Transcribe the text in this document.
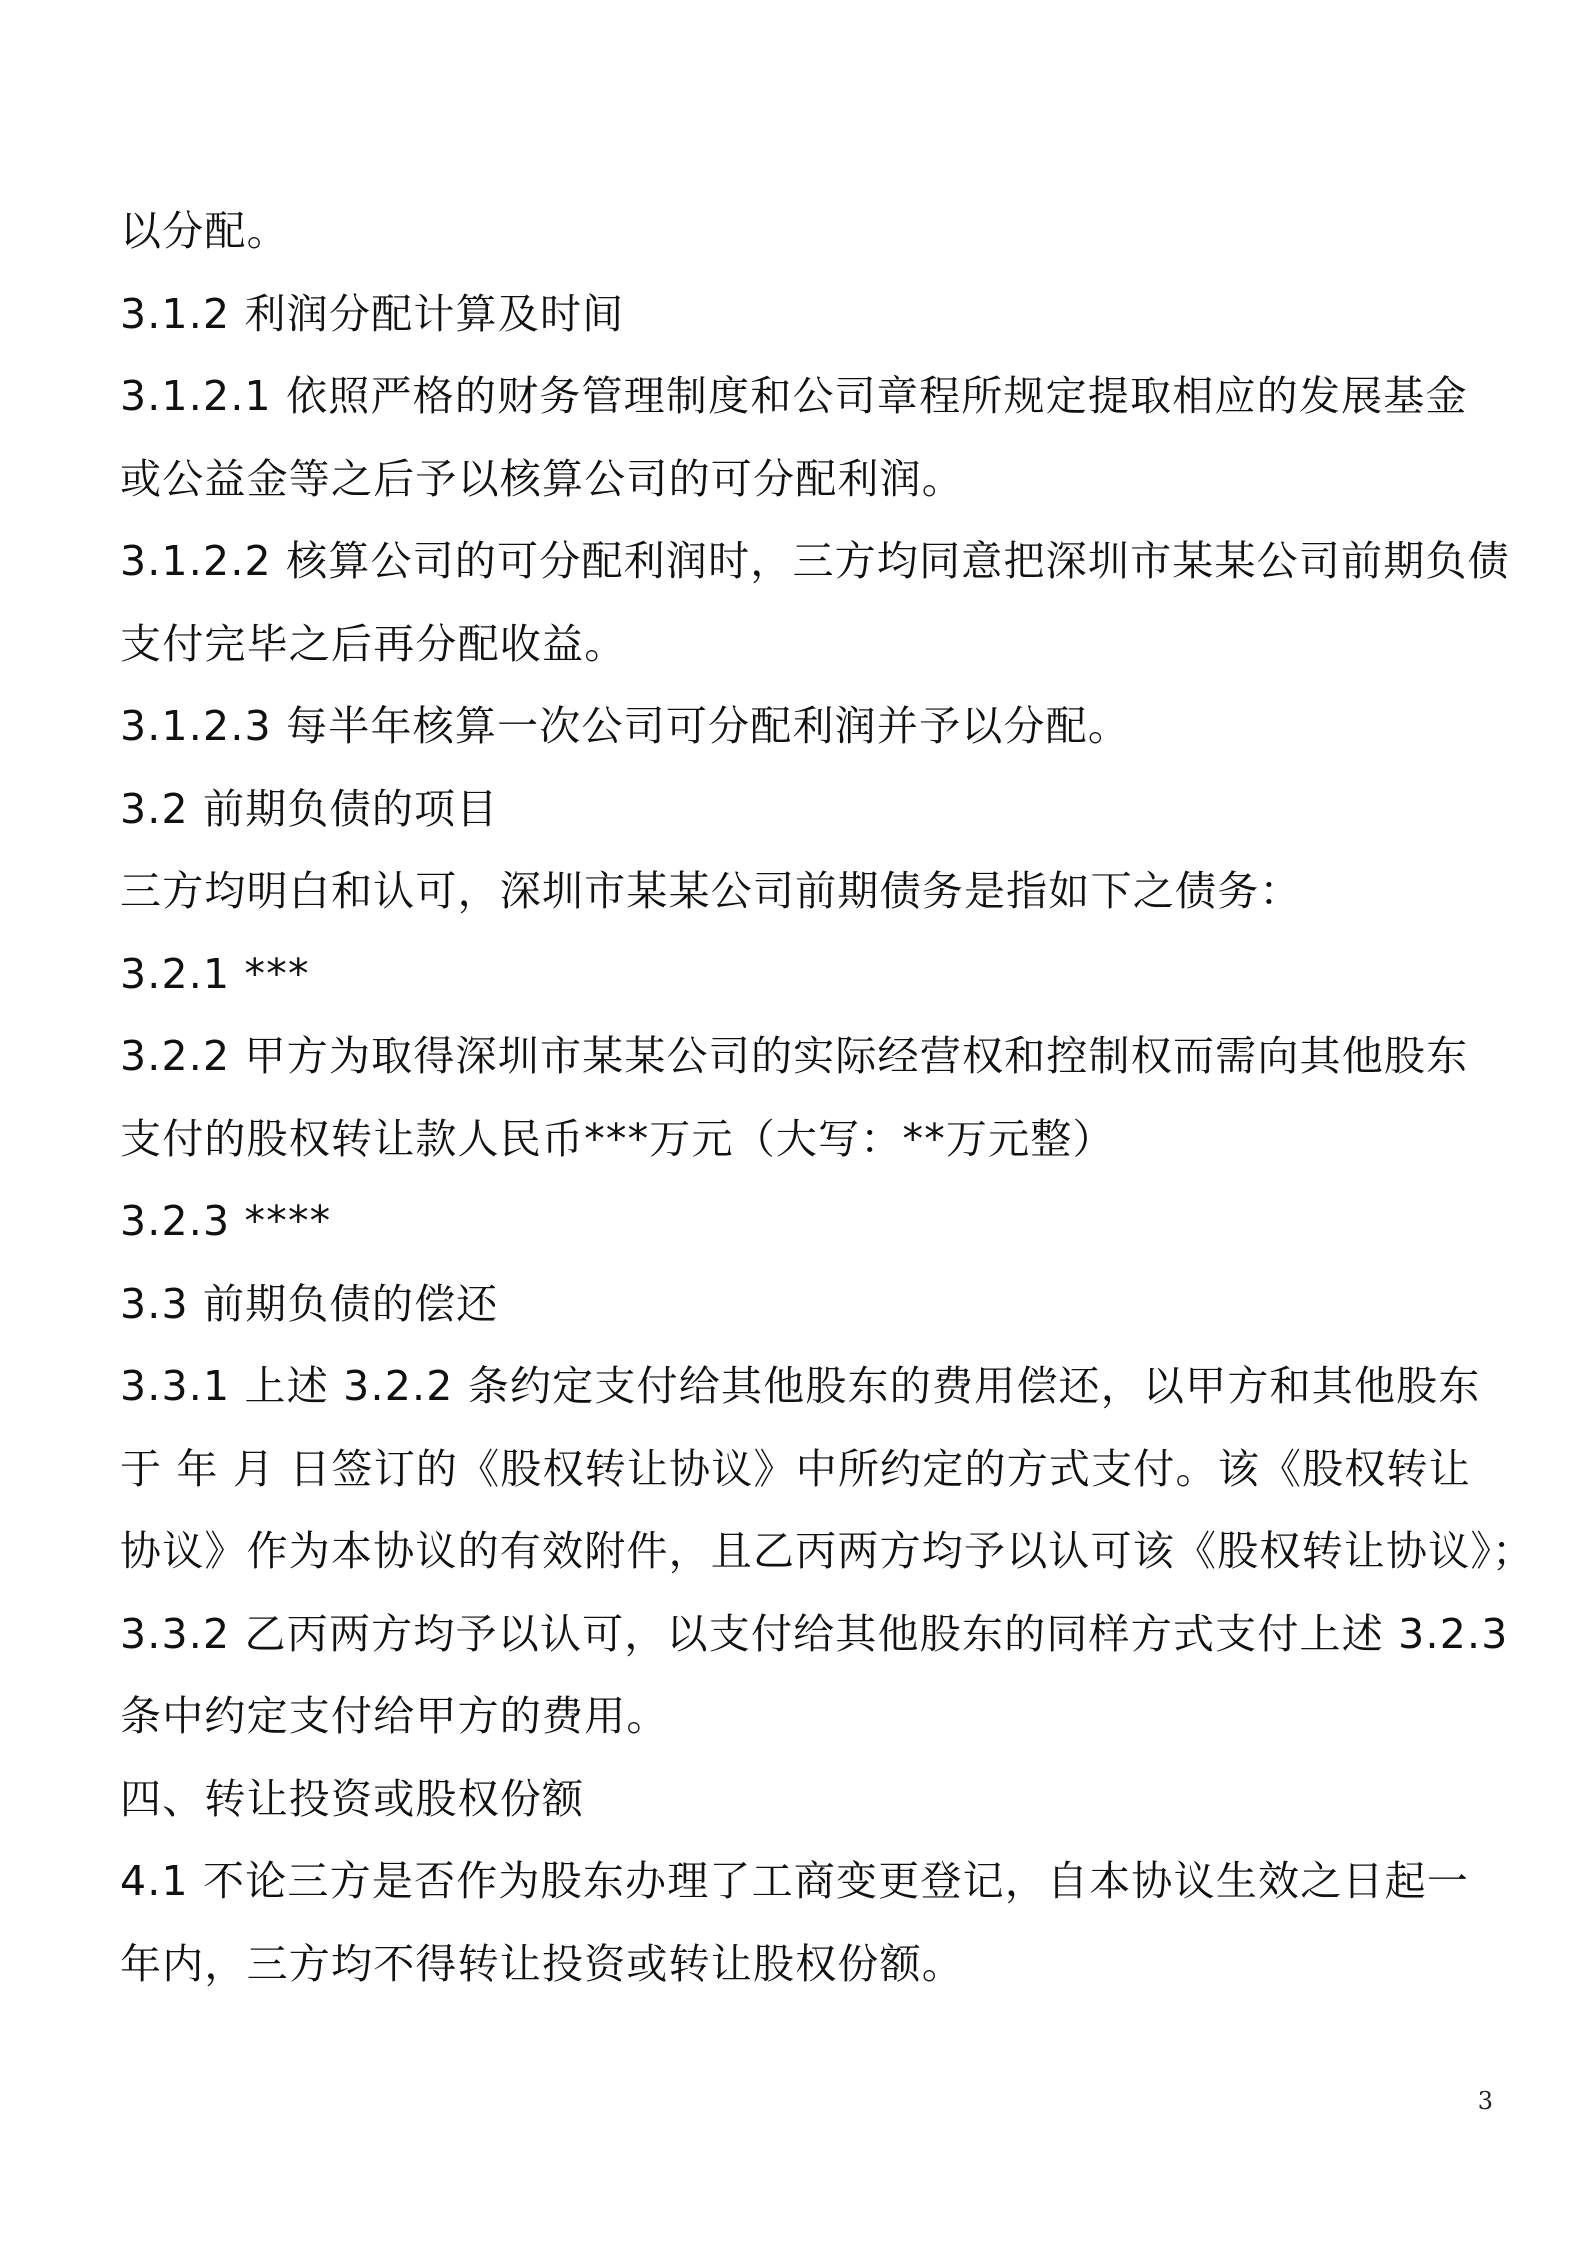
以分配。
3.1.2 利润分配计算及时间
3.1.2.1 依照严格的财务管理制度和公司章程所规定提取相应的发展基金
或公益金等之后予以核算公司的可分配利润。
3.1.2.2 核算公司的可分配利润时，三方均同意把深圳市某某公司前期负债
支付完毕之后再分配收益。
3.1.2.3 每半年核算一次公司可分配利润并予以分配。
3.2 前期负债的项目
三方均明白和认可，深圳市某某公司前期债务是指如下之债务：
3.2.1 ***
3.2.2 甲方为取得深圳市某某公司的实际经营权和控制权而需向其他股东
支付的股权转让款人民币***万元（大写：**万元整）
3.2.3 ****
3.3 前期负债的偿还
3.3.1 上述 3.2.2 条约定支付给其他股东的费用偿还，以甲方和其他股东
于 年 月 日签订的《股权转让协议》中所约定的方式支付。该《股权转让
协议》作为本协议的有效附件，且乙丙两方均予以认可该《股权转让协议》；
3.3.2 乙丙两方均予以认可，以支付给其他股东的同样方式支付上述 3.2.3
条中约定支付给甲方的费用。
四、转让投资或股权份额
4.1 不论三方是否作为股东办理了工商变更登记，自本协议生效之日起一
年内，三方均不得转让投资或转让股权份额。
3
